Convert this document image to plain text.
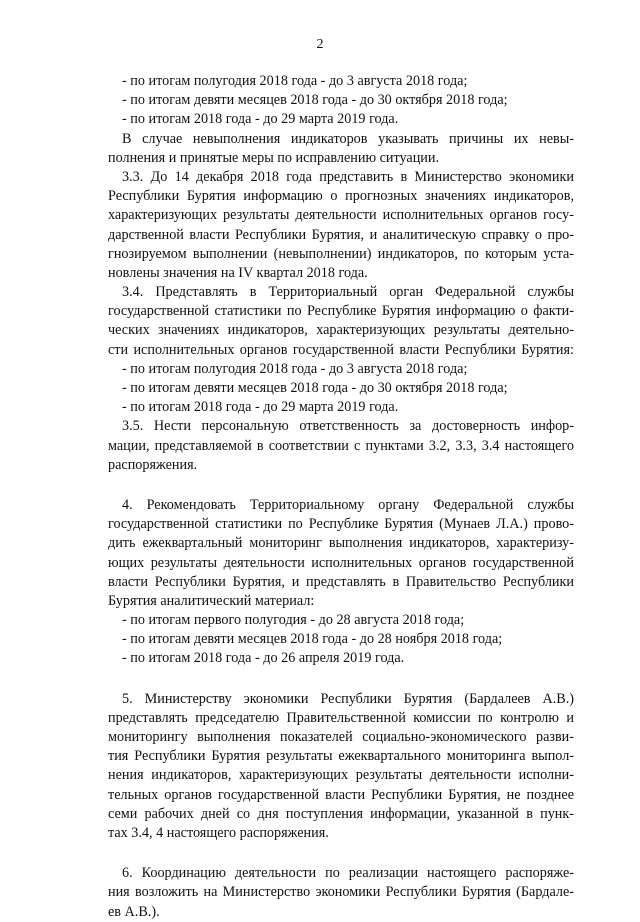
2
- по итогам полугодия 2018 года - до 3 августа 2018 года;
- по итогам девяти месяцев 2018 года - до 30 октября 2018 года;
- по итогам 2018 года - до 29 марта 2019 года.
В случае невыполнения индикаторов указывать причины их невы-
полнения и принятые меры по исправлению ситуации.
3.3. До 14 декабря 2018 года представить в Министерство экономики
Республики Бурятия информацию о прогнозных значениях индикаторов,
характеризующих результаты деятельности исполнительных органов госу-
дарственной власти Республики Бурятия, и аналитическую справку о про-
гнозируемом выполнении (невыполнении) индикаторов, по которым уста-
новлены значения на IV квартал 2018 года.
3.4. Представлять в Территориальный орган Федеральной службы
государственной статистики по Республике Бурятия информацию о факти-
ческих значениях индикаторов, характеризующих результаты деятельно-
сти исполнительных органов государственной власти Республики Бурятия:
- по итогам полугодия 2018 года - до 3 августа 2018 года;
- по итогам девяти месяцев 2018 года - до 30 октября 2018 года;
- по итогам 2018 года - до 29 марта 2019 года.
3.5. Нести персональную ответственность за достоверность инфор-
мации, представляемой в соответствии с пунктами 3.2, 3.3, 3.4 настоящего
распоряжения.
4. Рекомендовать Территориальному органу Федеральной службы
государственной статистики по Республике Бурятия (Мунаев Л.А.) прово-
дить ежеквартальный мониторинг выполнения индикаторов, характеризу-
ющих результаты деятельности исполнительных органов государственной
власти Республики Бурятия, и представлять в Правительство Республики
Бурятия аналитический материал:
- по итогам первого полугодия - до 28 августа 2018 года;
- по итогам девяти месяцев 2018 года - до 28 ноября 2018 года;
- по итогам 2018 года - до 26 апреля 2019 года.
5. Министерству экономики Республики Бурятия (Бардалеев А.В.)
представлять председателю Правительственной комиссии по контролю и
мониторингу выполнения показателей социально-экономического разви-
тия Республики Бурятия результаты ежеквартального мониторинга выпол-
нения индикаторов, характеризующих результаты деятельности исполни-
тельных органов государственной власти Республики Бурятия, не позднее
семи рабочих дней со дня поступления информации, указанной в пунк-
тах 3.4, 4 настоящего распоряжения.
6. Координацию деятельности по реализации настоящего распоряже-
ния возложить на Министерство экономики Республики Бурятия (Бардале-
ев А.В.).
